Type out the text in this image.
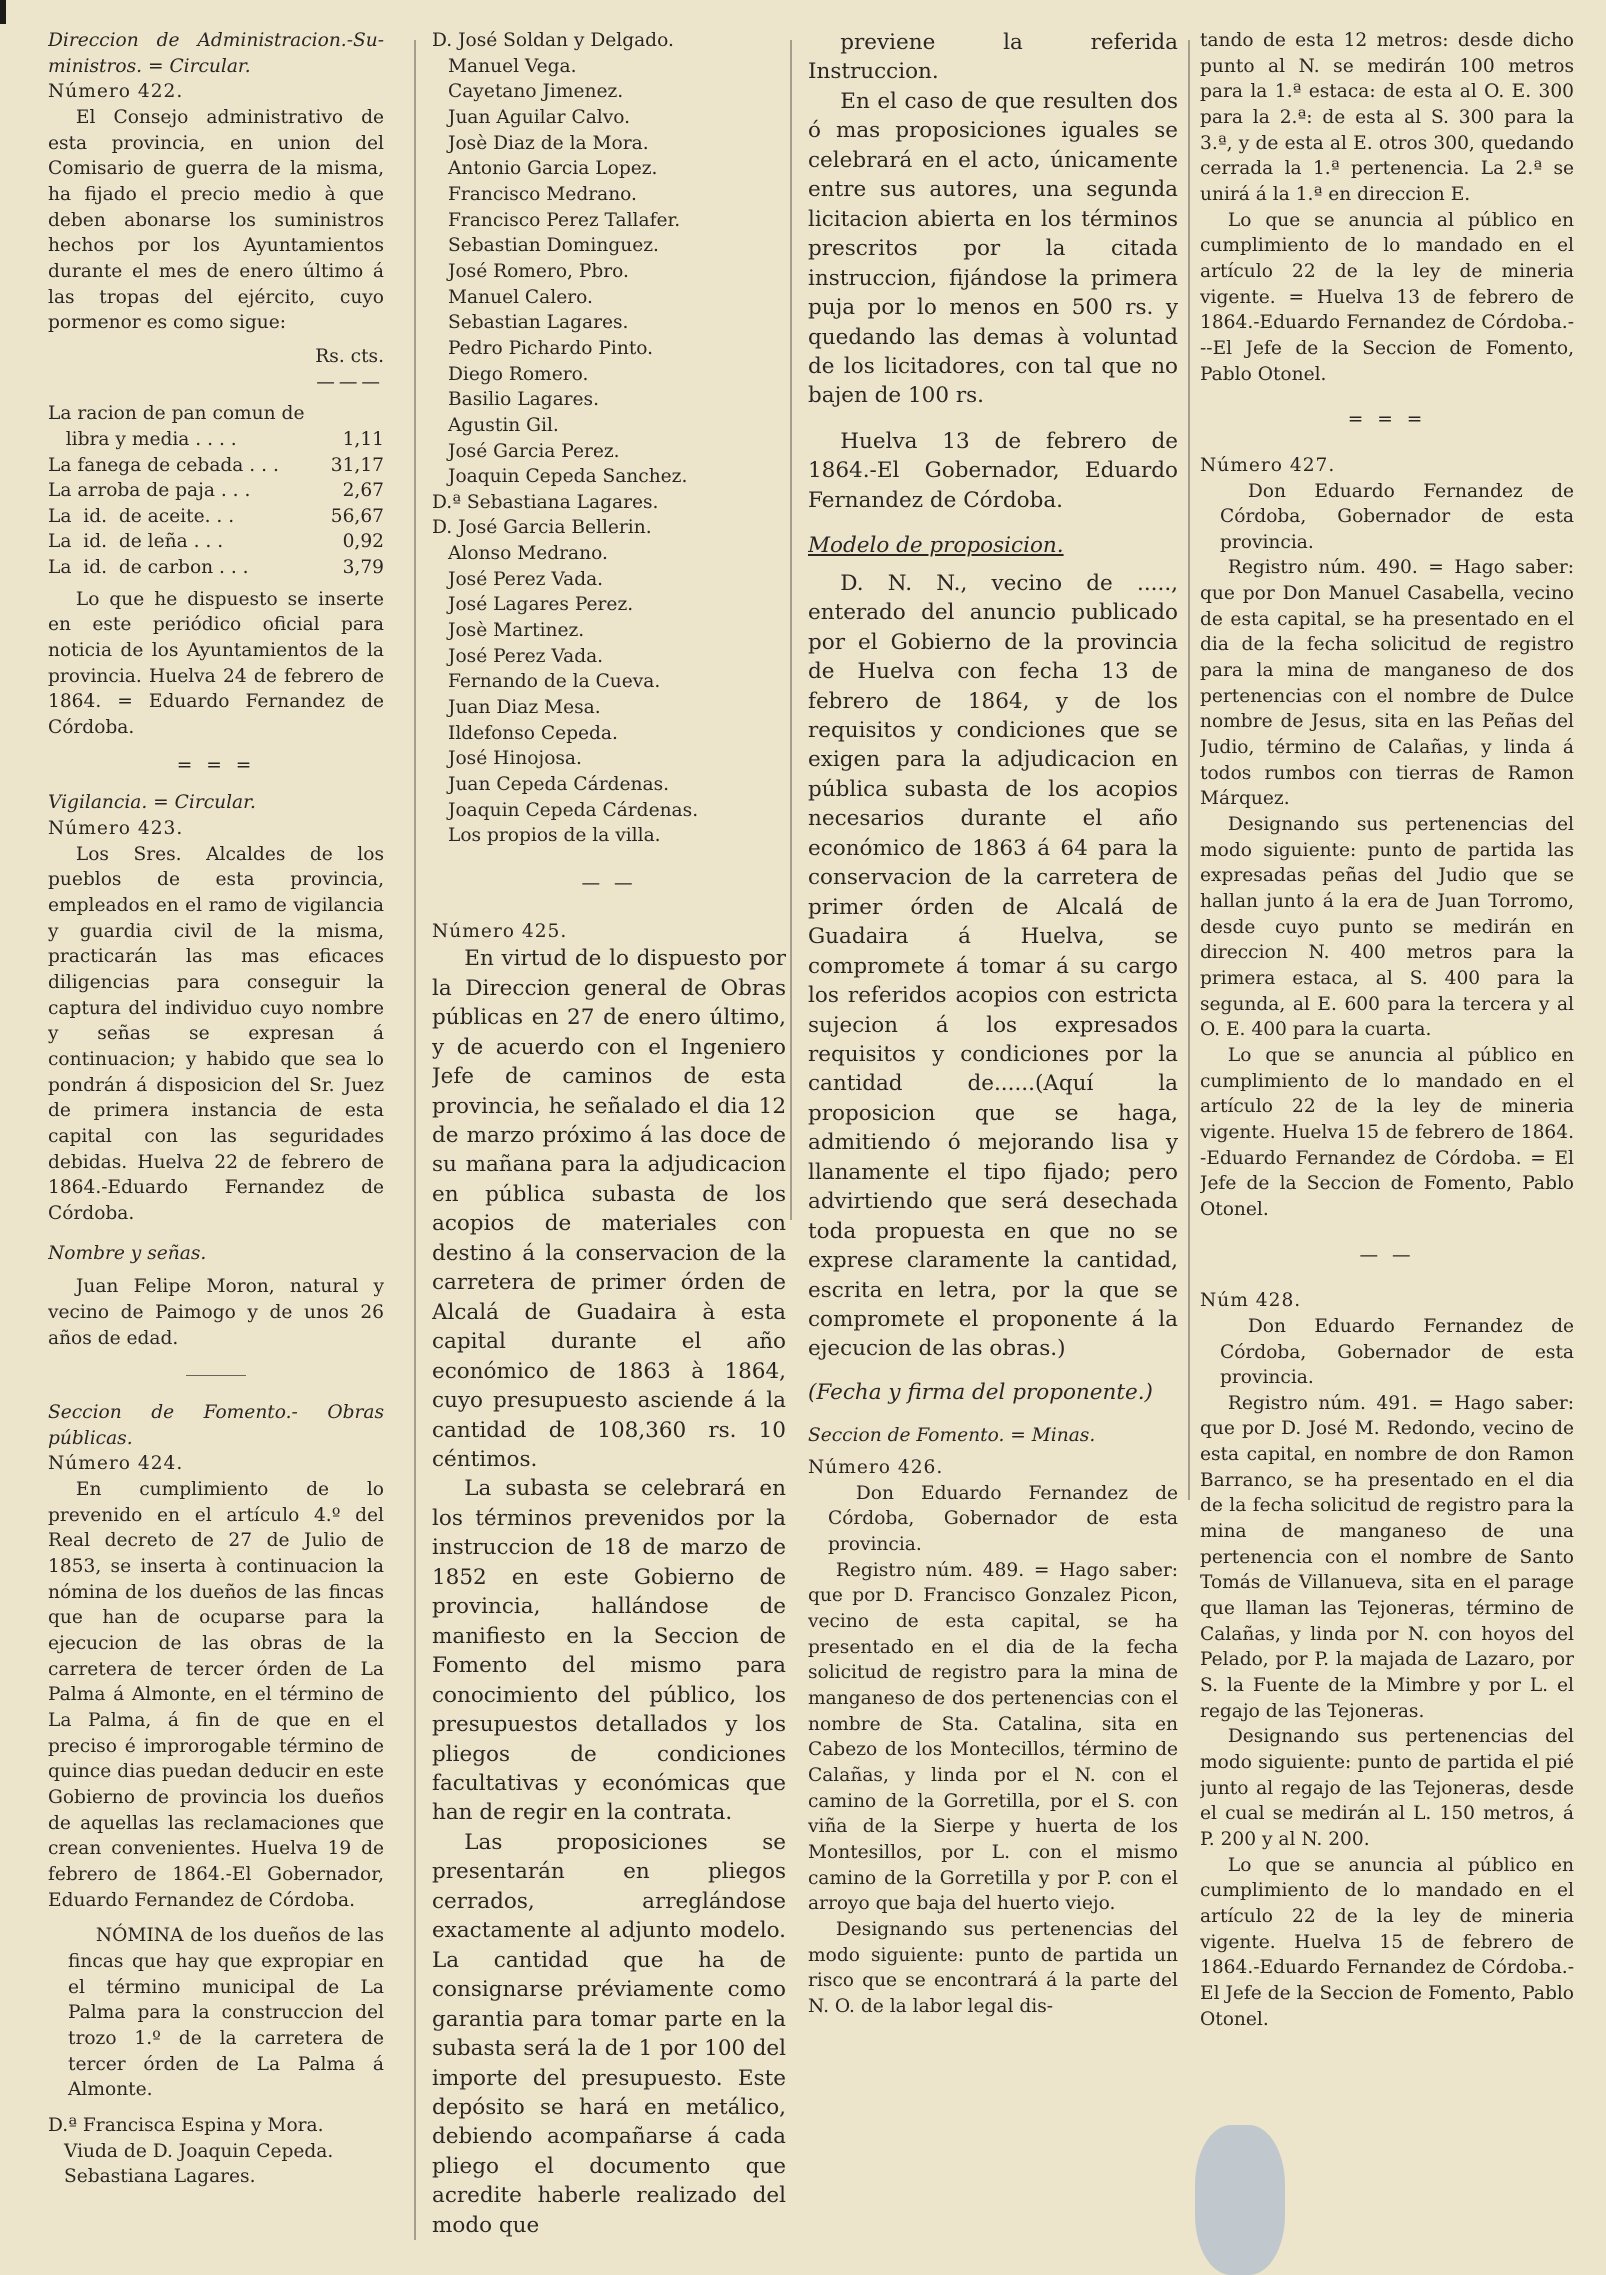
Direccion de Administracion.-Su-ministros. = Circular.

Número 422.

El Consejo administrativo de esta provincia, en union del Comisario de guerra de la misma, ha fijado el precio medio à que deben abonarse los suministros hechos por los Ayuntamientos durante el mes de enero último á las tropas del ejército, cuyo pormenor es como sigue:

Rs. cts.
———
La racion de pan comun de
libra y media . . . .	1,11
La fanega de cebada . . .	31,17
La arroba de paja . . .	2,67
La  id.  de aceite. . .	56,67
La  id.  de leña . . .	0,92
La  id.  de carbon . . .	3,79

Lo que he dispuesto se inserte en este periódico oficial para noticia de los Ayuntamientos de la provincia. Huelva 24 de febrero de 1864. = Eduardo Fernandez de Córdoba.

= = =

Vigilancia. = Circular.

Número 423.

Los Sres. Alcaldes de los pueblos de esta provincia, empleados en el ramo de vigilancia y guardia civil de la misma, practicarán las mas eficaces diligencias para conseguir la captura del individuo cuyo nombre y señas se expresan á continuacion; y habido que sea lo pondrán á disposicion del Sr. Juez de primera instancia de esta capital con las seguridades debidas. Huelva 22 de febrero de 1864.-Eduardo Fernandez de Córdoba.

Nombre y señas.

Juan Felipe Moron, natural y vecino de Paimogo y de unos 26 años de edad.

Seccion de Fomento.- Obras públicas.

Número 424.

En cumplimiento de lo prevenido en el artículo 4.º del Real decreto de 27 de Julio de 1853, se inserta à continuacion la nómina de los dueños de las fincas que han de ocuparse para la ejecucion de las obras de la carretera de tercer órden de La Palma á Almonte, en el término de La Palma, á fin de que en el preciso é improrogable término de quince dias puedan deducir en este Gobierno de provincia los dueños de aquellas las reclamaciones que crean convenientes. Huelva 19 de febrero de 1864.-El Gobernador, Eduardo Fernandez de Córdoba.

NÓMINA de los dueños de las fincas que hay que expropiar en el término municipal de La Palma para la construccion del trozo 1.º de la carretera de tercer órden de La Palma á Almonte.

D.ª Francisca Espina y Mora.

Viuda de D. Joaquin Cepeda.

Sebastiana Lagares.

D. José Soldan y Delgado.

Manuel Vega.

Cayetano Jimenez.

Juan Aguilar Calvo.

Josè Diaz de la Mora.

Antonio Garcia Lopez.

Francisco Medrano.

Francisco Perez Tallafer.

Sebastian Dominguez.

José Romero, Pbro.

Manuel Calero.

Sebastian Lagares.

Pedro Pichardo Pinto.

Diego Romero.

Basilio Lagares.

Agustin Gil.

José Garcia Perez.

Joaquin Cepeda Sanchez.

D.ª Sebastiana Lagares.

D. José Garcia Bellerin.

Alonso Medrano.

José Perez Vada.

José Lagares Perez.

Josè Martinez.

José Perez Vada.

Fernando de la Cueva.

Juan Diaz Mesa.

Ildefonso Cepeda.

José Hinojosa.

Juan Cepeda Cárdenas.

Joaquin Cepeda Cárdenas.

Los propios de la villa.

— —

Número 425.

En virtud de lo dispuesto por la Direccion general de Obras públicas en 27 de enero último, y de acuerdo con el Ingeniero Jefe de caminos de esta provincia, he señalado el dia 12 de marzo próximo á las doce de su mañana para la adjudicacion en pública subasta de los acopios de materiales con destino á la conservacion de la carretera de primer órden de Alcalá de Guadaira à esta capital durante el año económico de 1863 à 1864, cuyo presupuesto asciende á la cantidad de 108,360 rs. 10 céntimos.

La subasta se celebrará en los términos prevenidos por la instruccion de 18 de marzo de 1852 en este Gobierno de provincia, hallándose de manifiesto en la Seccion de Fomento del mismo para conocimiento del público, los presupuestos detallados y los pliegos de condiciones facultativas y económicas que han de regir en la contrata.

Las proposiciones se presentarán en pliegos cerrados, arreglándose exactamente al adjunto modelo. La cantidad que ha de consignarse préviamente como garantia para tomar parte en la subasta será la de 1 por 100 del importe del presupuesto. Este depósito se hará en metálico, debiendo acompañarse á cada pliego el documento que acredite haberle realizado del modo que

previene la referida Instruccion.

En el caso de que resulten dos ó mas proposiciones iguales se celebrará en el acto, únicamente entre sus autores, una segunda licitacion abierta en los términos prescritos por la citada instruccion, fijándose la primera puja por lo menos en 500 rs. y quedando las demas à voluntad de los licitadores, con tal que no bajen de 100 rs.

Huelva 13 de febrero de 1864.-El Gobernador, Eduardo Fernandez de Córdoba.

Modelo de proposicion.

D. N. N., vecino de ....., enterado del anuncio publicado por el Gobierno de la provincia de Huelva con fecha 13 de febrero de 1864, y de los requisitos y condiciones que se exigen para la adjudicacion en pública subasta de los acopios necesarios durante el año económico de 1863 á 64 para la conservacion de la carretera de primer órden de Alcalá de Guadaira á Huelva, se compromete á tomar á su cargo los referidos acopios con estricta sujecion á los expresados requisitos y condiciones por la cantidad de......(Aquí la proposicion que se haga, admitiendo ó mejorando lisa y llanamente el tipo fijado; pero advirtiendo que será desechada toda propuesta en que no se exprese claramente la cantidad, escrita en letra, por la que se compromete el proponente á la ejecucion de las obras.)

(Fecha y firma del proponente.)

Seccion de Fomento. = Minas.

Número 426.

Don Eduardo Fernandez de Córdoba, Gobernador de esta provincia.

Registro núm. 489. = Hago saber: que por D. Francisco Gonzalez Picon, vecino de esta capital, se ha presentado en el dia de la fecha solicitud de registro para la mina de manganeso de dos pertenencias con el nombre de Sta. Catalina, sita en Cabezo de los Montecillos, término de Calañas, y linda por el N. con el camino de la Gorretilla, por el S. con viña de la Sierpe y huerta de los Montesillos, por L. con el mismo camino de la Gorretilla y por P. con el arroyo que baja del huerto viejo.

Designando sus pertenencias del modo siguiente: punto de partida un risco que se encontrará á la parte del N. O. de la labor legal dis-

tando de esta 12 metros: desde dicho punto al N. se medirán 100 metros para la 1.ª estaca: de esta al O. E. 300 para la 2.ª: de esta al S. 300 para la 3.ª, y de esta al E. otros 300, quedando cerrada la 1.ª pertenencia. La 2.ª se unirá á la 1.ª en direccion E.

Lo que se anuncia al público en cumplimiento de lo mandado en el artículo 22 de la ley de mineria vigente. = Huelva 13 de febrero de 1864.-Eduardo Fernandez de Córdoba.---El Jefe de la Seccion de Fomento, Pablo Otonel.

= = =

Número 427.

Don Eduardo Fernandez de Córdoba, Gobernador de esta provincia.

Registro núm. 490. = Hago saber: que por Don Manuel Casabella, vecino de esta capital, se ha presentado en el dia de la fecha solicitud de registro para la mina de manganeso de dos pertenencias con el nombre de Dulce nombre de Jesus, sita en las Peñas del Judio, término de Calañas, y linda á todos rumbos con tierras de Ramon Márquez.

Designando sus pertenencias del modo siguiente: punto de partida las expresadas peñas del Judio que se hallan junto á la era de Juan Torromo, desde cuyo punto se medirán en direccion N. 400 metros para la primera estaca, al S. 400 para la segunda, al E. 600 para la tercera y al O. E. 400 para la cuarta.

Lo que se anuncia al público en cumplimiento de lo mandado en el artículo 22 de la ley de mineria vigente. Huelva 15 de febrero de 1864. -Eduardo Fernandez de Córdoba. = El Jefe de la Seccion de Fomento, Pablo Otonel.

— —

Núm 428.

Don Eduardo Fernandez de Córdoba, Gobernador de esta provincia.

Registro núm. 491. = Hago saber: que por D. José M. Redondo, vecino de esta capital, en nombre de don Ramon Barranco, se ha presentado en el dia de la fecha solicitud de registro para la mina de manganeso de una pertenencia con el nombre de Santo Tomás de Villanueva, sita en el parage que llaman las Tejoneras, término de Calañas, y linda por N. con hoyos del Pelado, por P. la majada de Lazaro, por S. la Fuente de la Mimbre y por L. el regajo de las Tejoneras.

Designando sus pertenencias del modo siguiente: punto de partida el pié junto al regajo de las Tejoneras, desde el cual se medirán al L. 150 metros, á P. 200 y al N. 200.

Lo que se anuncia al público en cumplimiento de lo mandado en el artículo 22 de la ley de mineria vigente. Huelva 15 de febrero de 1864.-Eduardo Fernandez de Córdoba.-El Jefe de la Seccion de Fomento, Pablo Otonel.
